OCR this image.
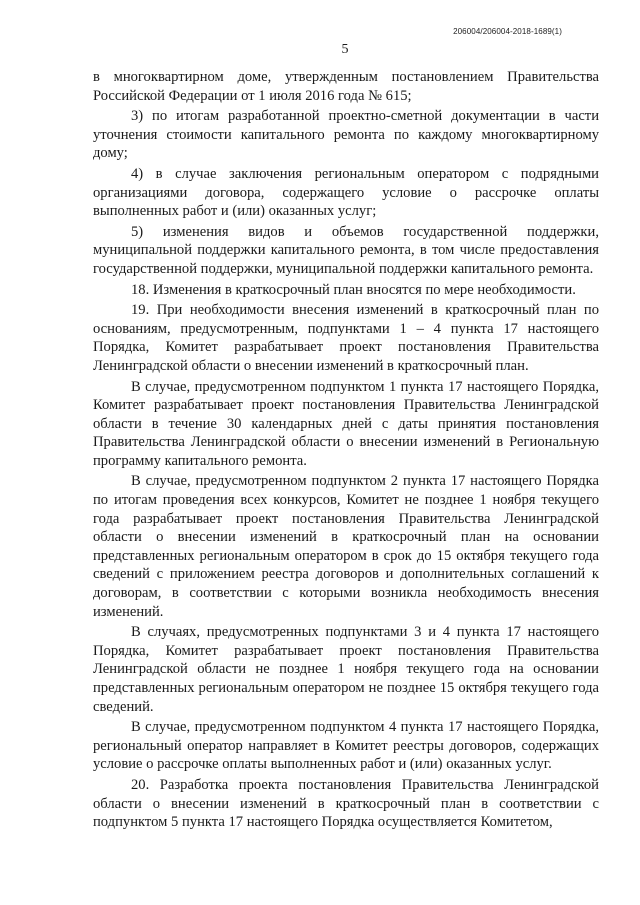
206004/206004-2018-1689(1)
5

в многоквартирном доме, утвержденным постановлением Правительства Российской Федерации от 1 июля 2016 года № 615;

3) по итогам разработанной проектно-сметной документации в части уточнения стоимости капитального ремонта по каждому многоквартирному дому;

4) в случае заключения региональным оператором с подрядными организациями договора, содержащего условие о рассрочке оплаты выполненных работ и (или) оказанных услуг;

5) изменения видов и объемов государственной поддержки, муниципальной поддержки капитального ремонта, в том числе предоставления государственной поддержки, муниципальной поддержки капитального ремонта.

18. Изменения в краткосрочный план вносятся по мере необходимости.

19. При необходимости внесения изменений в краткосрочный план по основаниям, предусмотренным, подпунктами 1 – 4 пункта 17 настоящего Порядка, Комитет разрабатывает проект постановления Правительства Ленинградской области о внесении изменений в краткосрочный план.

В случае, предусмотренном подпунктом 1 пункта 17 настоящего Порядка, Комитет разрабатывает проект постановления Правительства Ленинградской области в течение 30 календарных дней с даты принятия постановления Правительства Ленинградской области о внесении изменений в Региональную программу капитального ремонта.

В случае, предусмотренном подпунктом 2 пункта 17 настоящего Порядка по итогам проведения всех конкурсов, Комитет не позднее 1 ноября текущего года разрабатывает проект постановления Правительства Ленинградской области о внесении изменений в краткосрочный план на основании представленных региональным оператором в срок до 15 октября текущего года сведений с приложением реестра договоров и дополнительных соглашений к договорам, в соответствии с которыми возникла необходимость внесения изменений.

В случаях, предусмотренных подпунктами 3 и 4 пункта 17 настоящего Порядка, Комитет разрабатывает проект постановления Правительства Ленинградской области не позднее 1 ноября текущего года на основании представленных региональным оператором не позднее 15 октября текущего года сведений.

В случае, предусмотренном подпунктом 4 пункта 17 настоящего Порядка, региональный оператор направляет в Комитет реестры договоров, содержащих условие о рассрочке оплаты выполненных работ и (или) оказанных услуг.

20. Разработка проекта постановления Правительства Ленинградской области о внесении изменений в краткосрочный план в соответствии с подпунктом 5 пункта 17 настоящего Порядка осуществляется Комитетом,
